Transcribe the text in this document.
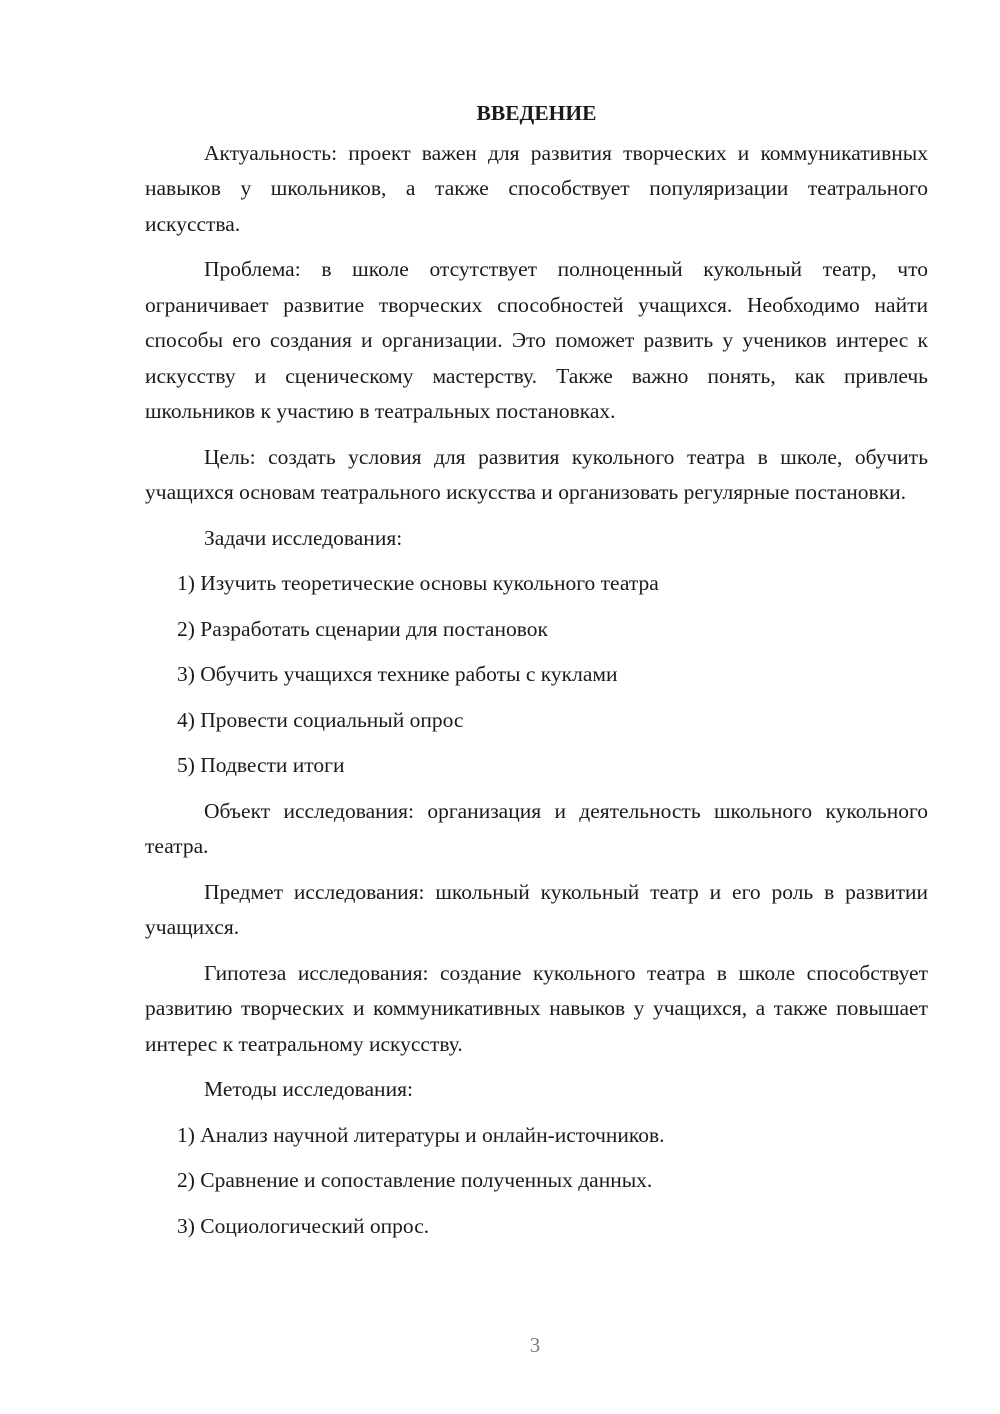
ВВЕДЕНИЕ

Актуальность: проект важен для развития творческих и коммуникативных навыков у школьников, а также способствует популяризации театрального искусства.

Проблема: в школе отсутствует полноценный кукольный театр, что ограничивает развитие творческих способностей учащихся. Необходимо найти способы его создания и организации. Это поможет развить у учеников интерес к искусству и сценическому мастерству. Также важно понять, как привлечь школьников к участию в театральных постановках.

Цель: создать условия для развития кукольного театра в школе, обучить учащихся основам театрального искусства и организовать регулярные постановки.

Задачи исследования:

1) Изучить теоретические основы кукольного театра

2) Разработать сценарии для постановок

3) Обучить учащихся технике работы с куклами

4) Провести социальный опрос

5) Подвести итоги

Объект исследования: организация и деятельность школьного кукольного театра.

Предмет исследования: школьный кукольный театр и его роль в развитии учащихся.

Гипотеза исследования: создание кукольного театра в школе способствует развитию творческих и коммуникативных навыков у учащихся, а также повышает интерес к театральному искусству.

Методы исследования:

1) Анализ научной литературы и онлайн-источников.

2) Сравнение и сопоставление полученных данных.

3) Социологический опрос.

3
